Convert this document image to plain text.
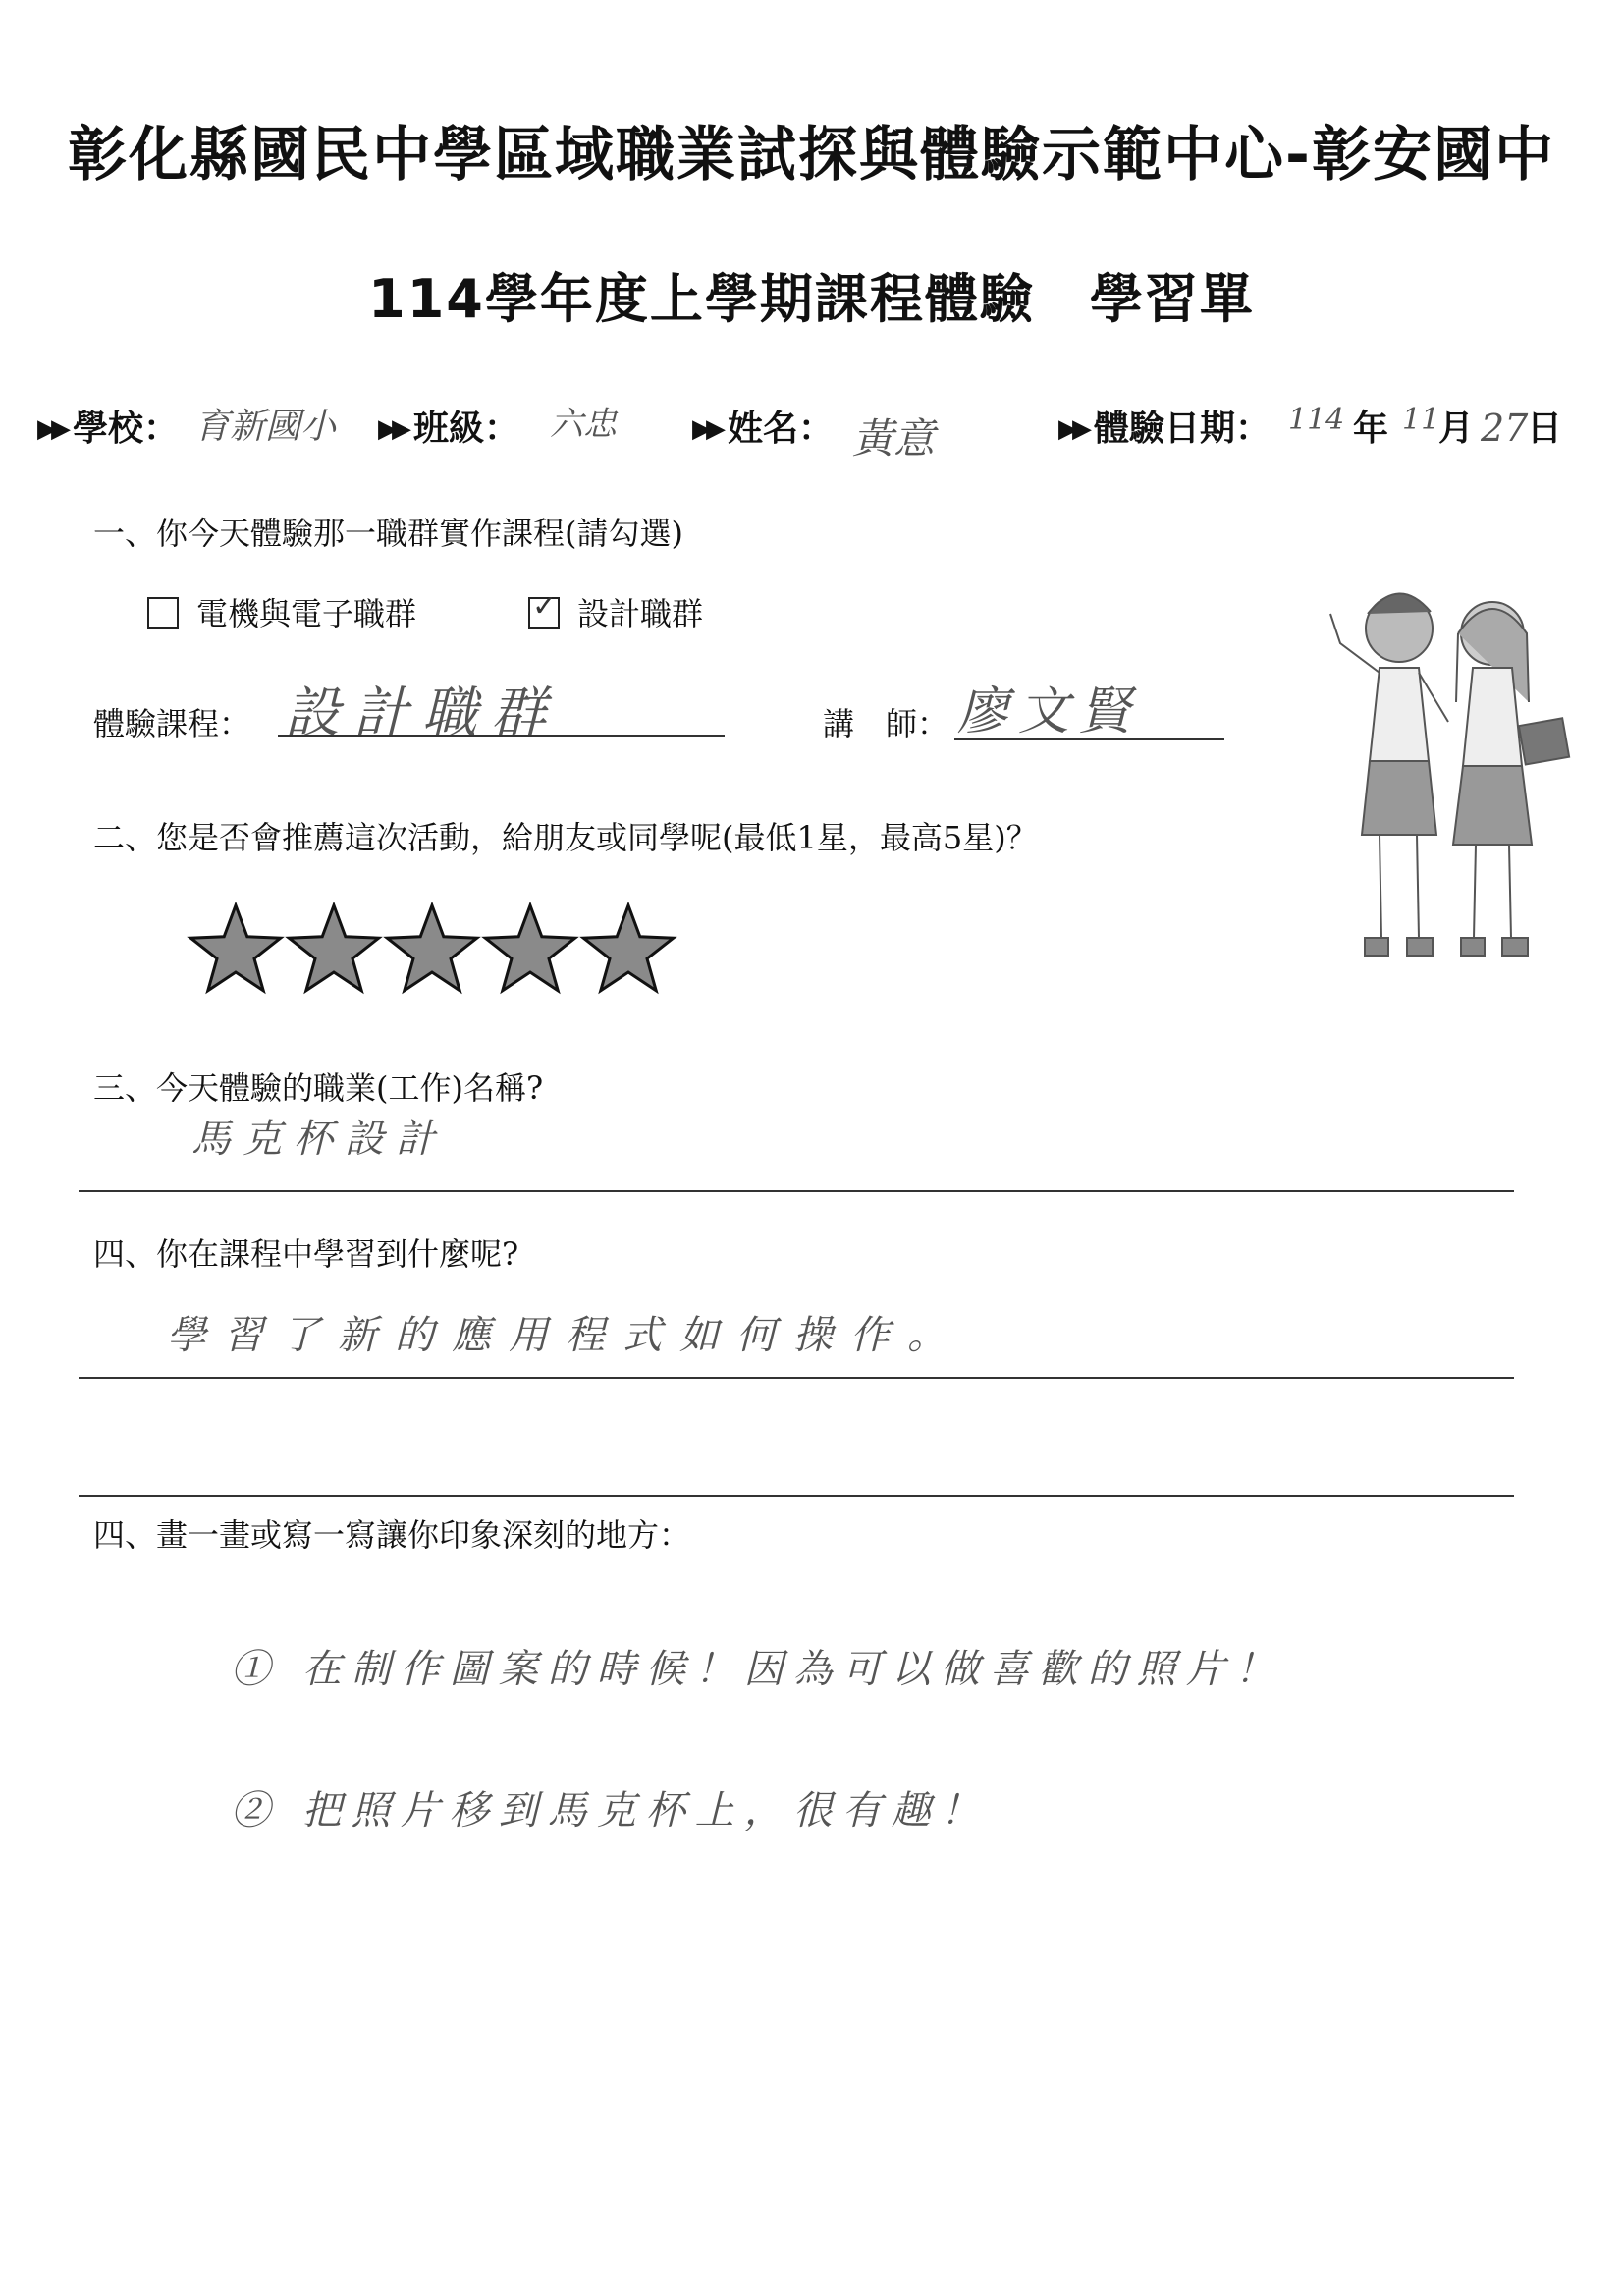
彰化縣國民中學區域職業試探與體驗示範中心-彰安國中
114學年度上學期課程體驗　學習單
▶▶ 學校： 育新國小 ▶▶ 班級： 六忠	▶▶ 姓名： 黃意	▶▶ 體驗日期： 114 年 11
月 27
日
一、你今天體驗那一職群實作課程(請勾選)
電機與電子職群	✓ 設計職群
體驗課程： 設計職群	講　師： 廖文賢
二、您是否會推薦這次活動，給朋友或同學呢(最低1星，最高5星)？
三、今天體驗的職業(工作)名稱?
馬克杯設計
四、你在課程中學習到什麼呢?
學習了新的應用程式如何操作。
四、畫一畫或寫一寫讓你印象深刻的地方：
① 在制作圖案的時候！因為可以做喜歡的照片！
② 把照片移到馬克杯上，很有趣！
